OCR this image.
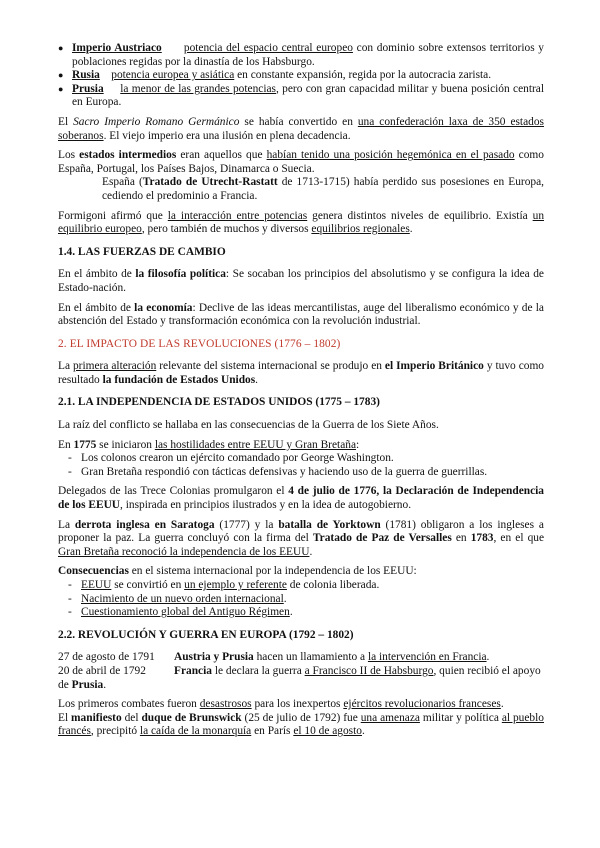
● Imperio Austriaco potencia del espacio central europeo con dominio sobre extensos territorios y poblaciones regidas por la dinastía de los Habsburgo.
● Rusia potencia europea y asiática en constante expansión, regida por la autocracia zarista.
● Prusia la menor de las grandes potencias, pero con gran capacidad militar y buena posición central en Europa.

El Sacro Imperio Romano Germánico se había convertido en una confederación laxa de 350 estados soberanos. El viejo imperio era una ilusión en plena decadencia.

Los estados intermedios eran aquellos que habían tenido una posición hegemónica en el pasado como España, Portugal, los Países Bajos, Dinamarca o Suecia.

España (Tratado de Utrecht-Rastatt de 1713-1715) había perdido sus posesiones en Europa, cediendo el predominio a Francia.

Formigoni afirmó que la interacción entre potencias genera distintos niveles de equilibrio. Existía un equilibrio europeo, pero también de muchos y diversos equilibrios regionales.

1.4. LAS FUERZAS DE CAMBIO

En el ámbito de la filosofía política: Se socaban los principios del absolutismo y se configura la idea de Estado-nación.

En el ámbito de la economía: Declive de las ideas mercantilistas, auge del liberalismo económico y de la abstención del Estado y transformación económica con la revolución industrial.

2. EL IMPACTO DE LAS REVOLUCIONES (1776 – 1802)

La primera alteración relevante del sistema internacional se produjo en el Imperio Británico y tuvo como resultado la fundación de Estados Unidos.

2.1. LA INDEPENDENCIA DE ESTADOS UNIDOS (1775 – 1783)

La raíz del conflicto se hallaba en las consecuencias de la Guerra de los Siete Años.

En 1775 se iniciaron las hostilidades entre EEUU y Gran Bretaña:

- Los colonos crearon un ejército comandado por George Washington.
- Gran Bretaña respondió con tácticas defensivas y haciendo uso de la guerra de guerrillas.

Delegados de las Trece Colonias promulgaron el 4 de julio de 1776, la Declaración de Independencia de los EEUU, inspirada en principios ilustrados y en la idea de autogobierno.

La derrota inglesa en Saratoga (1777) y la batalla de Yorktown (1781) obligaron a los ingleses a proponer la paz. La guerra concluyó con la firma del Tratado de Paz de Versalles en 1783, en el que Gran Bretaña reconoció la independencia de los EEUU.

Consecuencias en el sistema internacional por la independencia de los EEUU:

- EEUU se convirtió en un ejemplo y referente de colonia liberada.
- Nacimiento de un nuevo orden internacional.
- Cuestionamiento global del Antiguo Régimen.
2.2. REVOLUCIÓN Y GUERRA EN EUROPA (1792 – 1802)
27 de agosto de 1791	Austria y Prusia hacen un llamamiento a la intervención en Francia.

20 de abril de 1792 Francia le declara la guerra a Francisco II de Habsburgo, quien recibió el apoyo de Prusia.

Los primeros combates fueron desastrosos para los inexpertos ejércitos revolucionarios franceses.

El manifiesto del duque de Brunswick (25 de julio de 1792) fue una amenaza militar y política al pueblo francés, precipitó la caída de la monarquía en París el 10 de agosto.
